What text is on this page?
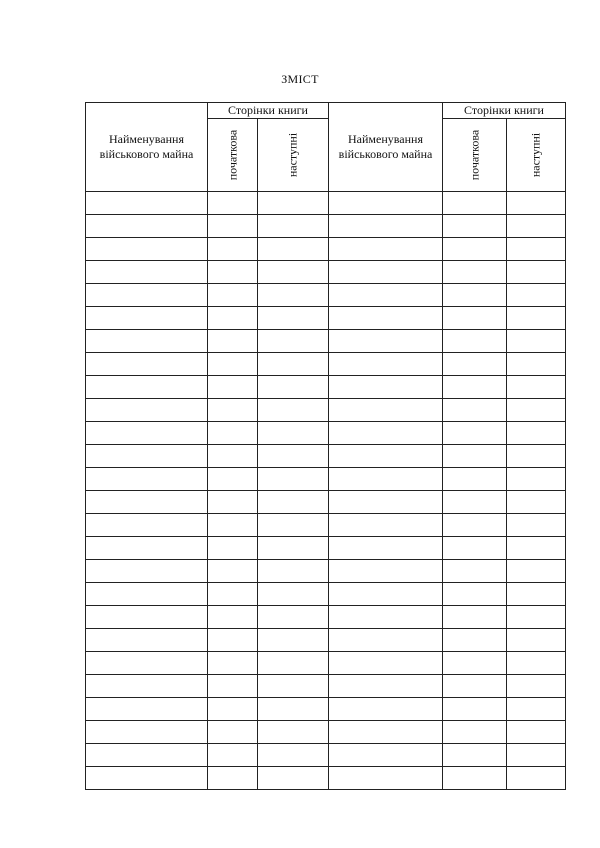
ЗМІСТ
Найменування військового майна	Сторінки книги		Найменування військового майна	Сторінки книги	

	початкова	наступні		початкова	наступні
